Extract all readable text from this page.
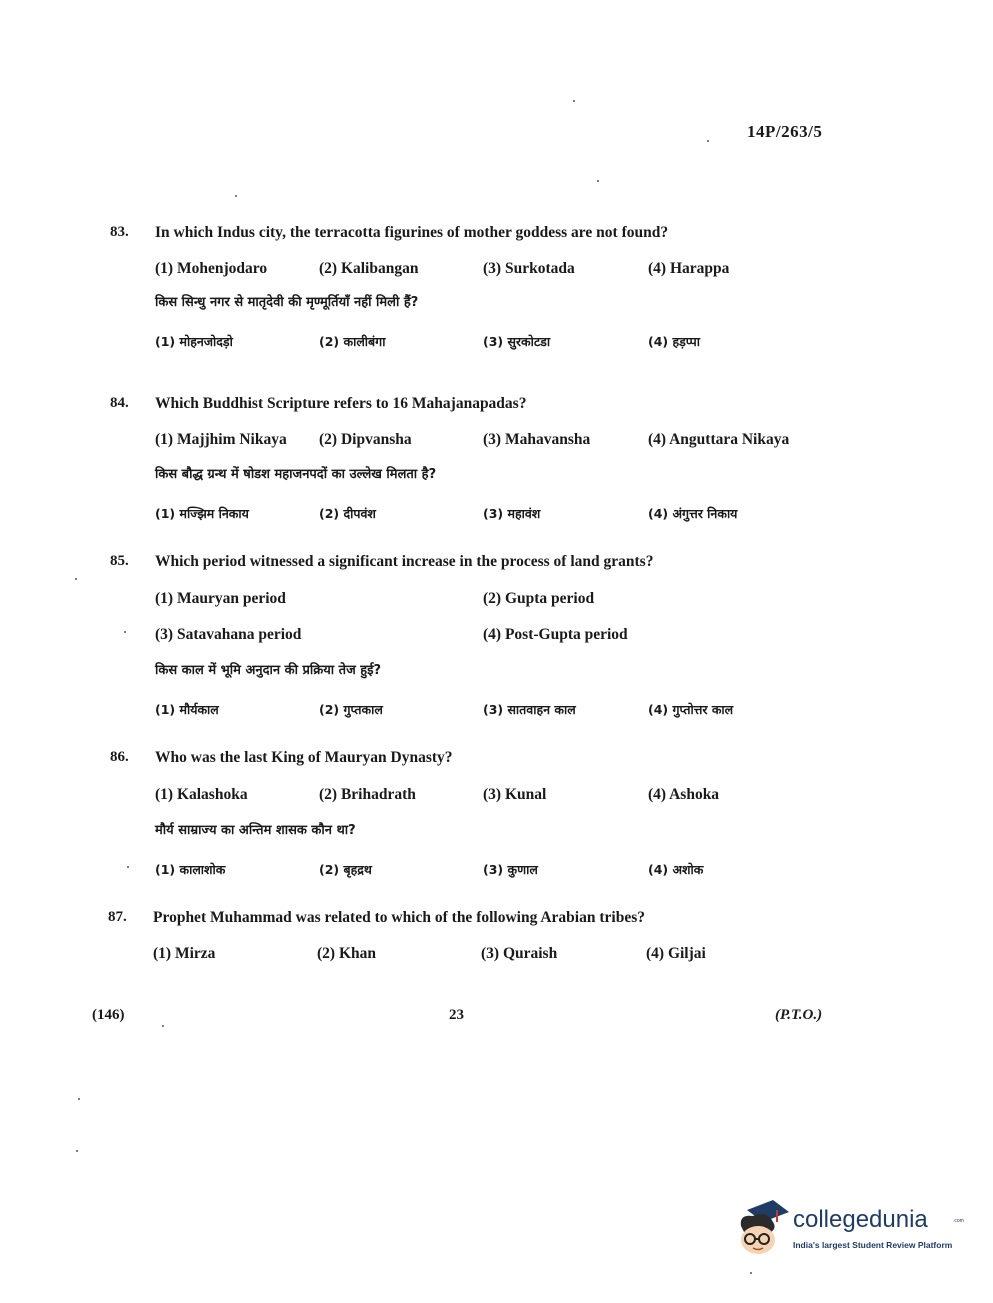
14P/263/5
83. In which Indus city, the terracotta figurines of mother goddess are not found?
(1) Mohenjodaro	(2) Kalibangan	(3) Surkotada	(4) Harappa
किस सिन्धु नगर से मातृदेवी की मृण्मूर्तियाँ नहीं मिली हैं?
(1) मोहनजोदड़ो	(2) कालीबंगा	(3) सुरकोटडा	(4) हड़प्पा
84. Which Buddhist Scripture refers to 16 Mahajanapadas?
(1) Majjhim Nikaya (2) Dipvansha	(3) Mahavansha	(4) Anguttara Nikaya
किस बौद्ध ग्रन्थ में षोडश महाजनपदों का उल्लेख मिलता है?
(1) मज्झिम निकाय	(2) दीपवंश	(3) महावंश	(4) अंगुत्तर निकाय
85. Which period witnessed a significant increase in the process of land grants?
(1) Mauryan period	(2) Gupta period
(3) Satavahana period	(4) Post-Gupta period
किस काल में भूमि अनुदान की प्रक्रिया तेज हुई?
(1) मौर्यकाल	(2) गुप्तकाल	(3) सातवाहन काल	(4) गुप्तोत्तर काल
86. Who was the last King of Mauryan Dynasty?
(1) Kalashoka	(2) Brihadrath	(3) Kunal	(4) Ashoka
मौर्य साम्राज्य का अन्तिम शासक कौन था?
(1) कालाशोक	(2) बृहद्रथ	(3) कुणाल	(4) अशोक
87. Prophet Muhammad was related to which of the following Arabian tribes?
(1) Mirza	(2) Khan	(3) Quraish	(4) Giljai
(146)	23	(P.T.O.)
collegedunia	.com
India's largest Student Review Platform
